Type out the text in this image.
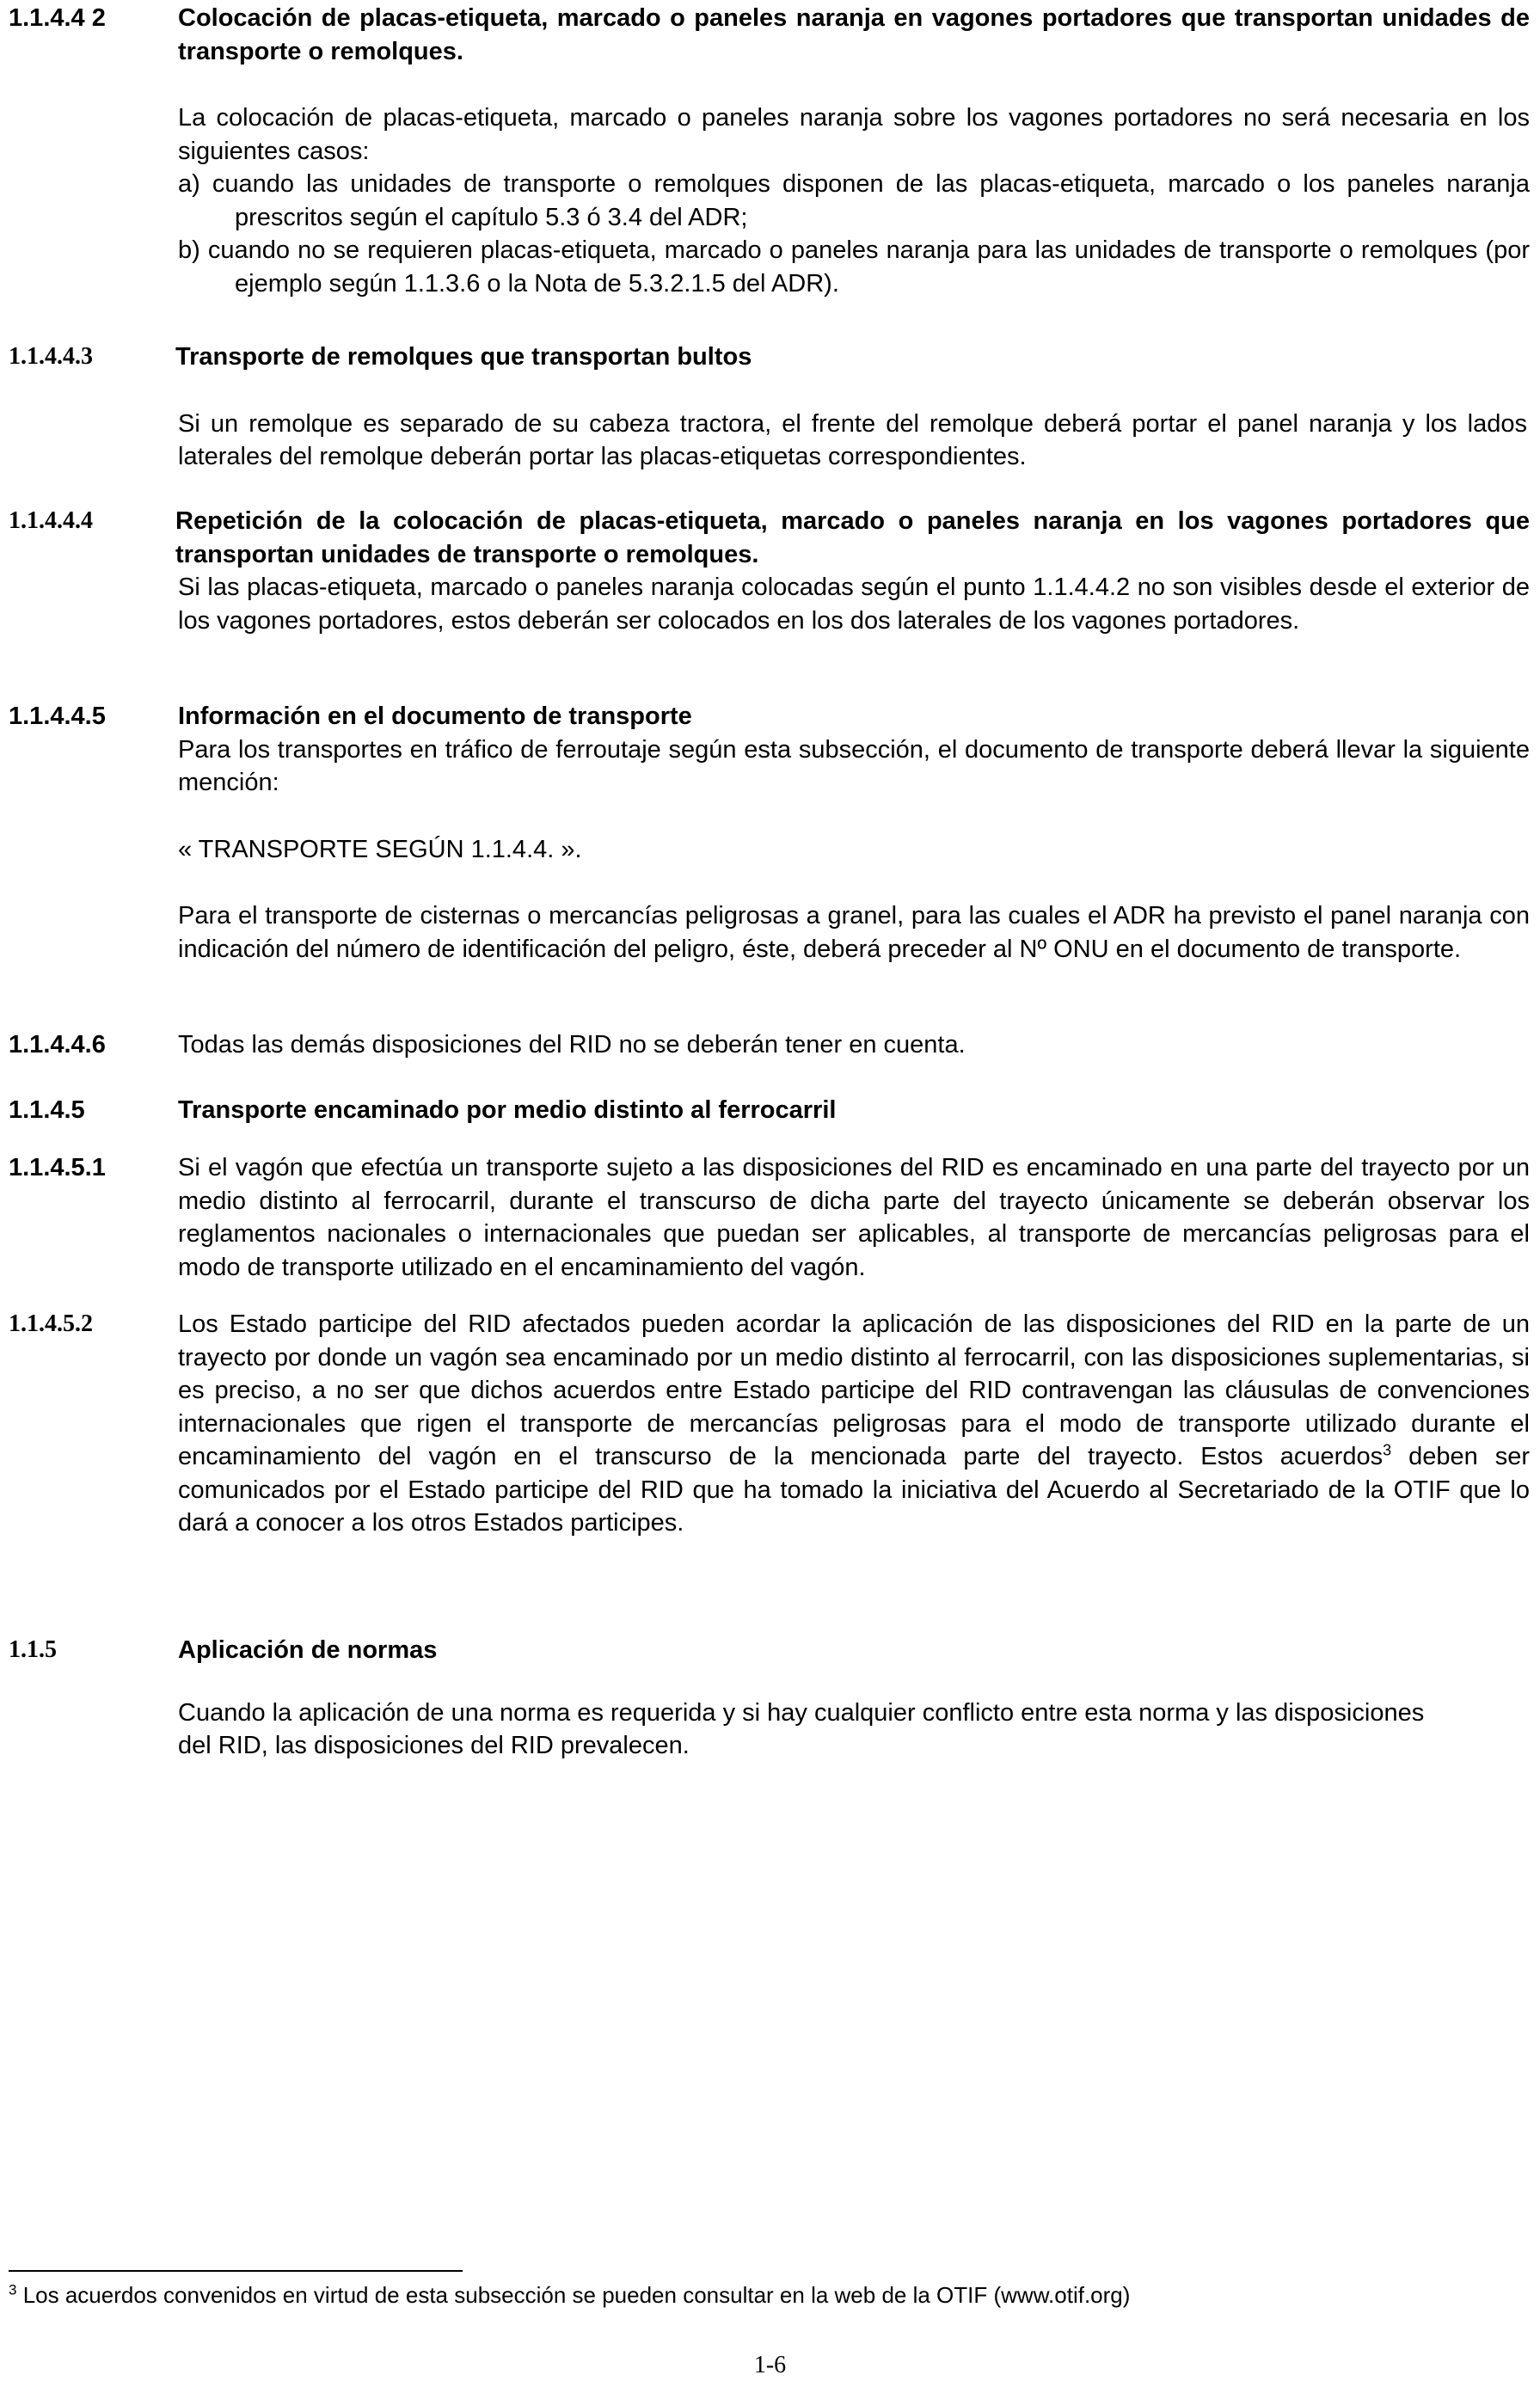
1.1.4.4 2	Colocación de placas-etiqueta, marcado o paneles naranja en vagones portadores que transportan unidades de transporte o remolques.

La colocación de placas-etiqueta, marcado o paneles naranja sobre los vagones portadores no será necesaria en los siguientes casos:

a) cuando las unidades de transporte o remolques disponen de las placas-etiqueta, marcado o los paneles naranja prescritos según el capítulo 5.3 ó 3.4 del ADR;

b) cuando no se requieren placas-etiqueta, marcado o paneles naranja para las unidades de transporte o remolques (por ejemplo según 1.1.3.6 o la Nota de 5.3.2.1.5 del ADR).

1.1.4.4.3	Transporte de remolques que transportan bultos

Si un remolque es separado de su cabeza tractora, el frente del remolque deberá portar el panel naranja y los lados laterales del remolque deberán portar las placas-etiquetas correspondientes.

1.1.4.4.4	Repetición de la colocación de placas-etiqueta, marcado o paneles naranja en los vagones portadores que transportan unidades de transporte o remolques.

Si las placas-etiqueta, marcado o paneles naranja colocadas según el punto 1.1.4.4.2 no son visibles desde el exterior de los vagones portadores, estos deberán ser colocados en los dos laterales de los vagones portadores.

1.1.4.4.5	Información en el documento de transporte

Para los transportes en tráfico de ferroutaje según esta subsección, el documento de transporte deberá llevar la siguiente mención:

« TRANSPORTE SEGÚN 1.1.4.4. ».

Para el transporte de cisternas o mercancías peligrosas a granel, para las cuales el ADR ha previsto el panel naranja con indicación del número de identificación del peligro, éste, deberá preceder al Nº ONU en el documento de transporte.

1.1.4.4.6	Todas las demás disposiciones del RID no se deberán tener en cuenta.

1.1.4.5	Transporte encaminado por medio distinto al ferrocarril

1.1.4.5.1	Si el vagón que efectúa un transporte sujeto a las disposiciones del RID es encaminado en una parte del trayecto por un medio distinto al ferrocarril, durante el transcurso de dicha parte del trayecto únicamente se deberán observar los reglamentos nacionales o internacionales que puedan ser aplicables, al transporte de mercancías peligrosas para el modo de transporte utilizado en el encaminamiento del vagón.

1.1.4.5.2	Los Estado participe del RID afectados pueden acordar la aplicación de las disposiciones del RID en la parte de un trayecto por donde un vagón sea encaminado por un medio distinto al ferrocarril, con las disposiciones suplementarias, si es preciso, a no ser que dichos acuerdos entre Estado participe del RID contravengan las cláusulas de convenciones internacionales que rigen el transporte de mercancías peligrosas para el modo de transporte utilizado durante el encaminamiento del vagón en el transcurso de la mencionada parte del trayecto. Estos acuerdos$^3$ deben ser comunicados por el Estado participe del RID que ha tomado la iniciativa del Acuerdo al Secretariado de la OTIF que lo dará a conocer a los otros Estados participes.

1.1.5	Aplicación de normas

Cuando la aplicación de una norma es requerida y si hay cualquier conflicto entre esta norma y las disposiciones del RID, las disposiciones del RID prevalecen.

$^3$ Los acuerdos convenidos en virtud de esta subsección se pueden consultar en la web de la OTIF (www.otif.org)
1-6
